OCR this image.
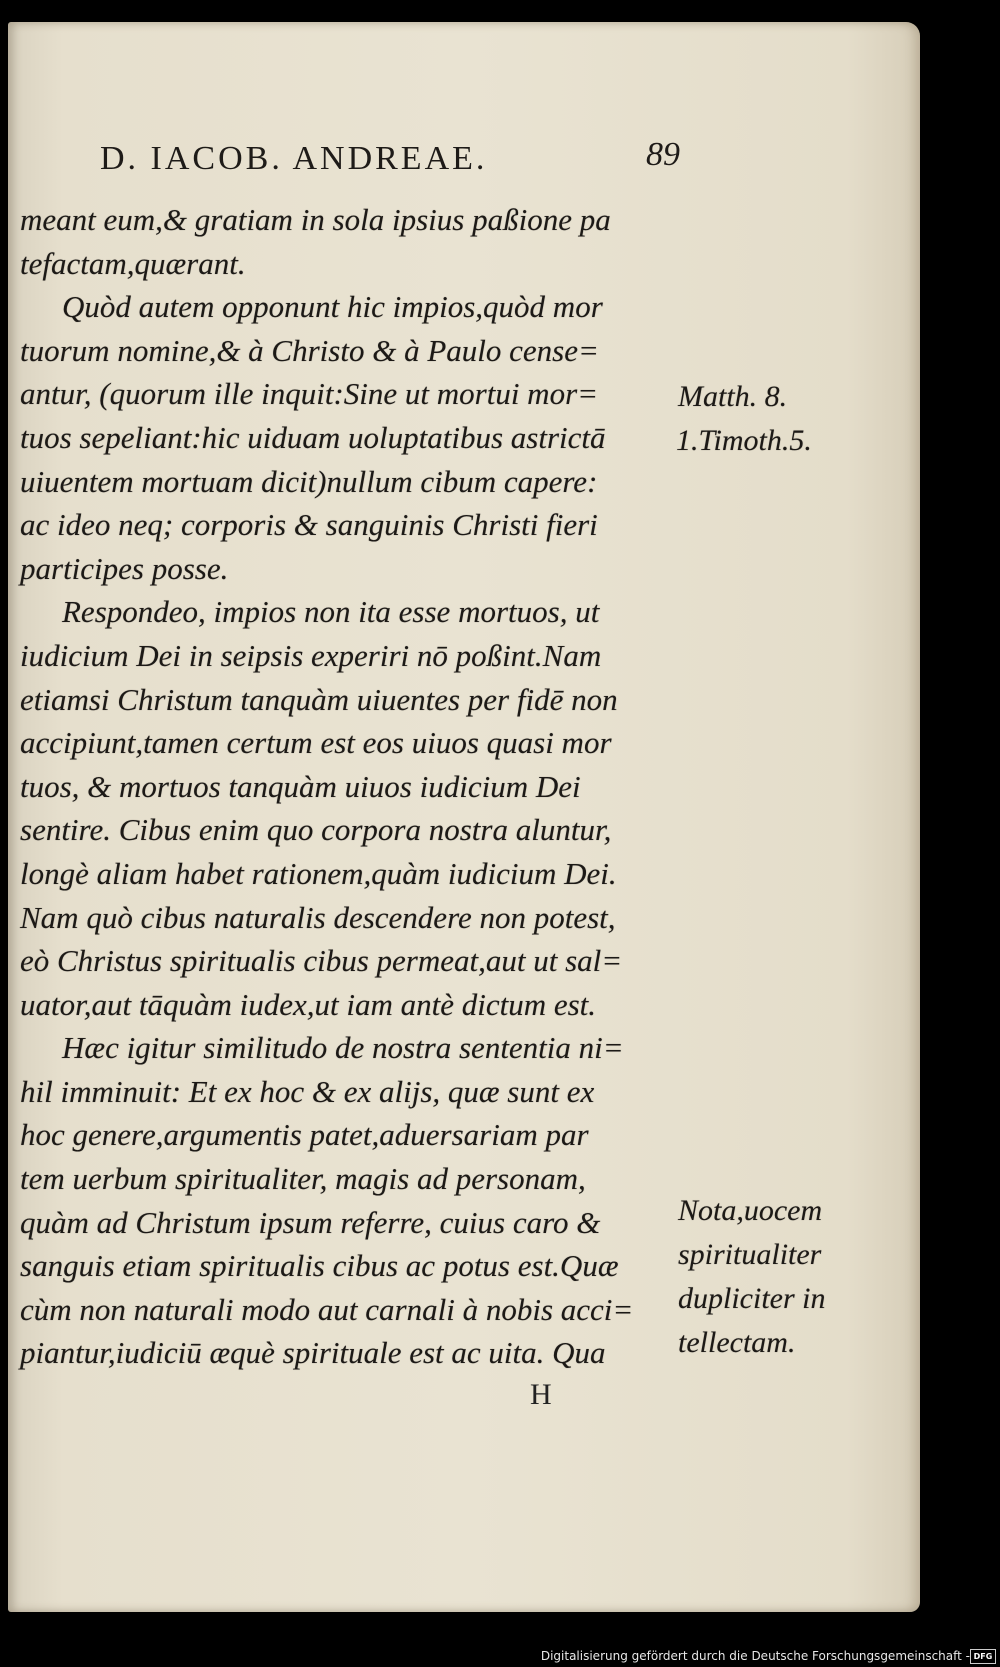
D. IACOB. ANDREAE.	89
meant eum,& gratiam in sola ipsius paßione pa
tefactam,quærant.
Quòd autem opponunt hic impios,quòd mor
tuorum nomine,& à Christo & à Paulo cense=
antur, (quorum ille inquit:Sine ut mortui mor=
tuos sepeliant:hic uiduam uoluptatibus astrictā
uiuentem mortuam dicit)nullum cibum capere:
ac ideo neq; corporis & sanguinis Christi fieri
participes posse.
Respondeo, impios non ita esse mortuos, ut
iudicium Dei in seipsis experiri nō poßint.Nam
etiamsi Christum tanquàm uiuentes per fidē non
accipiunt,tamen certum est eos uiuos quasi mor
tuos, & mortuos tanquàm uiuos iudicium Dei
sentire. Cibus enim quo corpora nostra aluntur,
longè aliam habet rationem,quàm iudicium Dei.
Nam quò cibus naturalis descendere non potest,
eò Christus spiritualis cibus permeat,aut ut sal=
uator,aut tāquàm iudex,ut iam antè dictum est.
Hæc igitur similitudo de nostra sententia ni=
hil imminuit: Et ex hoc & ex alijs, quæ sunt ex
hoc genere,argumentis patet,aduersariam par
tem uerbum spiritualiter, magis ad personam,
quàm ad Christum ipsum referre, cuius caro &
sanguis etiam spiritualis cibus ac potus est.Quæ
cùm non naturali modo aut carnali à nobis acci=
piantur,iudiciū æquè spirituale est ac uita. Qua
Matth. 8.
1.Timoth.5.
Nota,uocem
spiritualiter
dupliciter in
tellectam.
H
Digitalisierung gefördert durch die Deutsche Forschungsgemeinschaft - DFG
